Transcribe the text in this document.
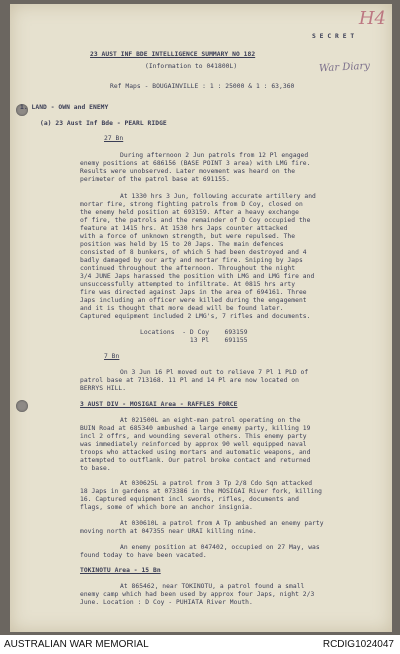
H4
War Diary
S E C R E T
23 AUST INF BDE INTELLIGENCE SUMMARY NO 182
(Information to 041800L)
Ref Maps - BOUGAINVILLE : 1 : 25000 & 1 : 63,360
1. LAND - OWN and ENEMY
(a) 23 Aust Inf Bde - PEARL RIDGE
27 Bn
During afternoon 2 Jun patrols from 12 Pl engaged
enemy positions at 686156 (BASE POINT 3 area) with LMG fire.
Results were unobserved. Later movement was heard on the
perimeter of the patrol base at 691155.
At 1330 hrs 3 Jun, following accurate artillery and
mortar fire, strong fighting patrols from D Coy, closed on
the enemy held position at 693159. After a heavy exchange
of fire, the patrols and the remainder of D Coy occupied the
feature at 1415 hrs. At 1530 hrs Japs counter attacked
with a force of unknown strength, but were repulsed. The
position was held by 15 to 20 Japs. The main defences
consisted of 8 bunkers, of which 5 had been destroyed and 4
badly damaged by our arty and mortar fire. Sniping by Japs
continued throughout the afternoon. Throughout the night
3/4 JUNE Japs harassed the position with LMG and LMG fire and
unsuccessfully attempted to infiltrate. At 0815 hrs arty
fire was directed against Japs in the area of 694161. Three
Japs including an officer were killed during the engagement
and it is thought that more dead will be found later.
Captured equipment included 2 LMG's, 7 rifles and documents.
Locations  - D Coy    693159
13 Pl    691155
7 Bn
On 3 Jun 16 Pl moved out to relieve 7 Pl 1 PLD of
patrol base at 713168. 11 Pl and 14 Pl are now located on
BERRYS HILL.
3 AUST DIV - MOSIGAI Area - RAFFLES FORCE
At 021500L an eight-man patrol operating on the
BUIN Road at 685340 ambushed a large enemy party, killing 19
incl 2 offrs, and wounding several others. This enemy party
was immediately reinforced by approx 90 well equipped naval
troops who attacked using mortars and automatic weapons, and
attempted to outflank. Our patrol broke contact and returned
to base.
At 030625L a patrol from 3 Tp 2/8 Cdo Sqn attacked
18 Japs in gardens at 073386 in the MOSIGAI River fork, killing
16. Captured equipment incl swords, rifles, documents and
flags, some of which bore an anchor insignia.
At 030610L a patrol from A Tp ambushed an enemy party
moving north at 047355 near URAI killing nine.
An enemy position at 047402, occupied on 27 May, was
found today to have been vacated.
TOKINOTU Area - 15 Bn
At 865462, near TOKINOTU, a patrol found a small
enemy camp which had been used by approx four Japs, night 2/3
June. Location : D Coy - PUHIATA River Mouth.
AUSTRALIAN WAR MEMORIAL	RCDIG1024047
